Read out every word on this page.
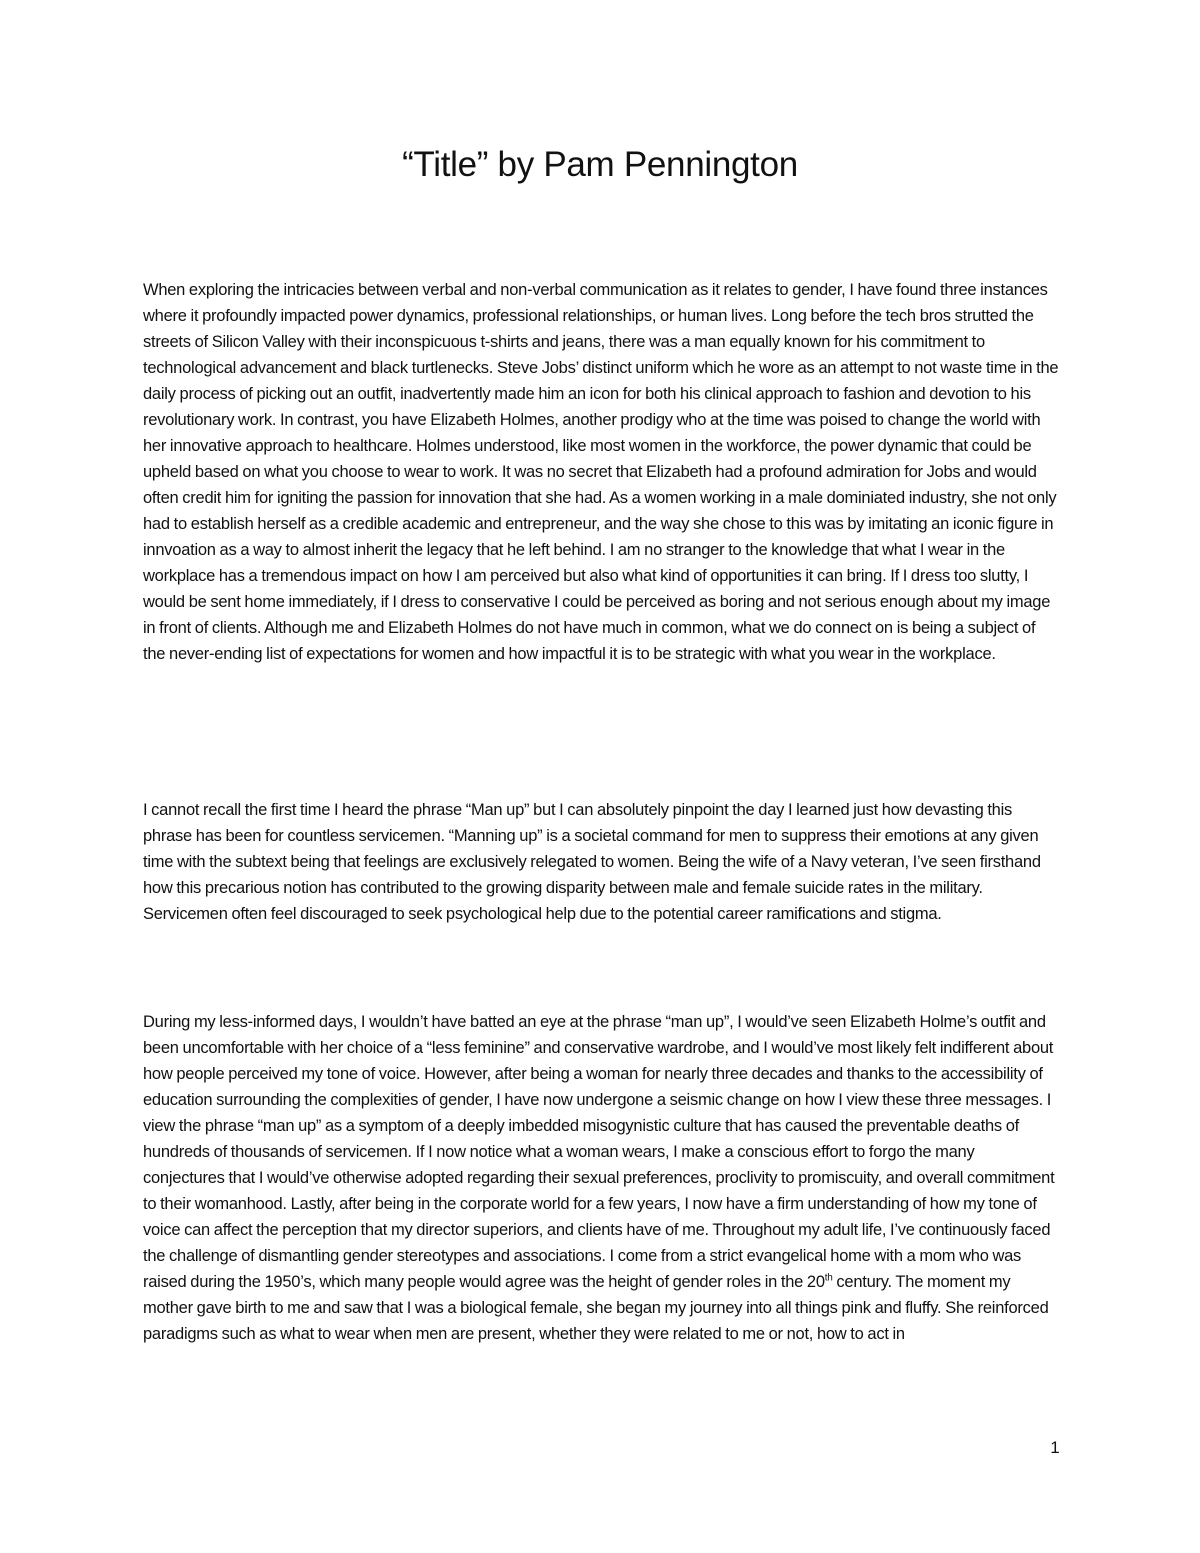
“Title” by Pam Pennington

When exploring the intricacies between verbal and non-verbal communication as it relates to gender, I have found three instances where it profoundly impacted power dynamics, professional relationships, or human lives. Long before the tech bros strutted the streets of Silicon Valley with their inconspicuous t-shirts and jeans, there was a man equally known for his commitment to technological advancement and black turtlenecks. Steve Jobs’ distinct uniform which he wore as an attempt to not waste time in the daily process of picking out an outfit, inadvertently made him an icon for both his clinical approach to fashion and devotion to his revolutionary work. In contrast, you have Elizabeth Holmes, another prodigy who at the time was poised to change the world with her innovative approach to healthcare. Holmes understood, like most women in the workforce, the power dynamic that could be upheld based on what you choose to wear to work. It was no secret that Elizabeth had a profound admiration for Jobs and would often credit him for igniting the passion for innovation that she had. As a women working in a male dominiated industry, she not only had to establish herself as a credible academic and entrepreneur, and the way she chose to this was by imitating an iconic figure in innvoation as a way to almost inherit the legacy that he left behind. I am no stranger to the knowledge that what I wear in the workplace has a tremendous impact on how I am perceived but also what kind of opportunities it can bring. If I dress too slutty, I would be sent home immediately, if I dress to conservative I could be perceived as boring and not serious enough about my image in front of clients. Although me and Elizabeth Holmes do not have much in common, what we do connect on is being a subject of the never-ending list of expectations for women and how impactful it is to be strategic with what you wear in the workplace.

I cannot recall the first time I heard the phrase “Man up” but I can absolutely pinpoint the day I learned just how devasting this phrase has been for countless servicemen. “Manning up” is a societal command for men to suppress their emotions at any given time with the subtext being that feelings are exclusively relegated to women. Being the wife of a Navy veteran, I’ve seen firsthand how this precarious notion has contributed to the growing disparity between male and female suicide rates in the military. Servicemen often feel discouraged to seek psychological help due to the potential career ramifications and stigma.

During my less-informed days, I wouldn’t have batted an eye at the phrase “man up”, I would’ve seen Elizabeth Holme’s outfit and been uncomfortable with her choice of a “less feminine” and conservative wardrobe, and I would’ve most likely felt indifferent about how people perceived my tone of voice. However, after being a woman for nearly three decades and thanks to the accessibility of education surrounding the complexities of gender, I have now undergone a seismic change on how I view these three messages. I view the phrase “man up” as a symptom of a deeply imbedded misogynistic culture that has caused the preventable deaths of hundreds of thousands of servicemen. If I now notice what a woman wears, I make a conscious effort to forgo the many conjectures that I would’ve otherwise adopted regarding their sexual preferences, proclivity to promiscuity, and overall commitment to their womanhood. Lastly, after being in the corporate world for a few years, I now have a firm understanding of how my tone of voice can affect the perception that my director superiors, and clients have of me. Throughout my adult life, I’ve continuously faced the challenge of dismantling gender stereotypes and associations. I come from a strict evangelical home with a mom who was raised during the 1950’s, which many people would agree was the height of gender roles in the 20th century. The moment my mother gave birth to me and saw that I was a biological female, she began my journey into all things pink and fluffy. She reinforced paradigms such as what to wear when men are present, whether they were related to me or not, how to act in

1
